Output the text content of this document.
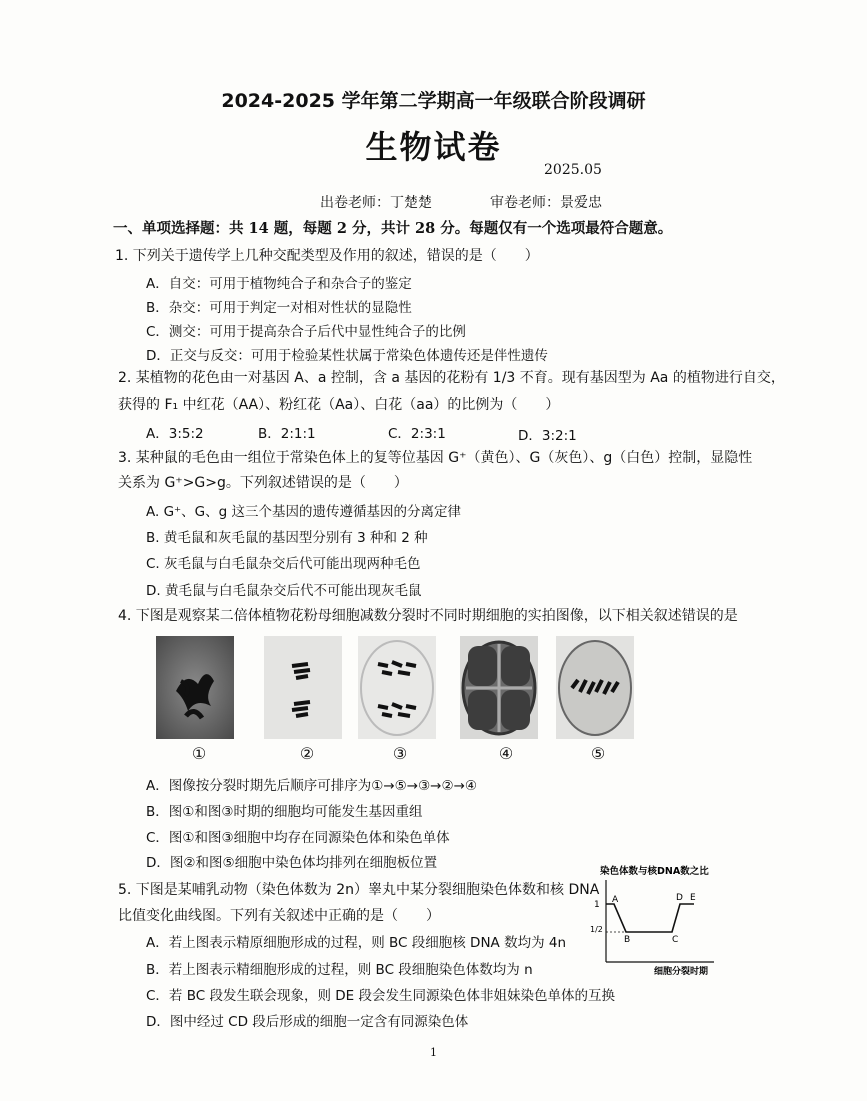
2024-2025 学年第二学期高一年级联合阶段调研
生物试卷
2025.05
出卷老师：丁楚楚	审卷老师：景爱忠
一、单项选择题：共 14 题，每题 2 分，共计 28 分。每题仅有一个选项最符合题意。
1. 下列关于遗传学上几种交配类型及作用的叙述，错误的是（　　）
A．自交：可用于植物纯合子和杂合子的鉴定
B．杂交：可用于判定一对相对性状的显隐性
C．测交：可用于提高杂合子后代中显性纯合子的比例
D．正交与反交：可用于检验某性状属于常染色体遗传还是伴性遗传
2. 某植物的花色由一对基因 A、a 控制，含 a 基因的花粉有 1/3 不育。现有基因型为 Aa 的植物进行自交，
获得的 F₁ 中红花（AA）、粉红花（Aa）、白花（aa）的比例为（　　）
A．3:5:2	B．2:1:1	C．2:3:1	D．3:2:1
3. 某种鼠的毛色由一组位于常染色体上的复等位基因 G⁺（黄色）、G（灰色）、g（白色）控制，显隐性
关系为 G⁺>G>g。下列叙述错误的是（　　）
A. G⁺、G、g 这三个基因的遗传遵循基因的分离定律
B. 黄毛鼠和灰毛鼠的基因型分别有 3 种和 2 种
C. 灰毛鼠与白毛鼠杂交后代可能出现两种毛色
D. 黄毛鼠与白毛鼠杂交后代不可能出现灰毛鼠
4. 下图是观察某二倍体植物花粉母细胞减数分裂时不同时期细胞的实拍图像，以下相关叙述错误的是
①	②	③	④	⑤
A．图像按分裂时期先后顺序可排序为①→⑤→③→②→④
B．图①和图③时期的细胞均可能发生基因重组
C．图①和图③细胞中均存在同源染色体和染色单体
D．图②和图⑤细胞中染色体均排列在细胞板位置
5. 下图是某哺乳动物（染色体数为 2n）睾丸中某分裂细胞染色体数和核 DNA
比值变化曲线图。下列有关叙述中正确的是（　　）
A．若上图表示精原细胞形成的过程，则 BC 段细胞核 DNA 数均为 4n
B．若上图表示精细胞形成的过程，则 BC 段细胞染色体数均为 n
C．若 BC 段发生联会现象，则 DE 段会发生同源染色体非姐妹染色单体的互换
D．图中经过 CD 段后形成的细胞一定含有同源染色体
染色体数与核DNA数之比
1
1/2
A
B	C
D E
细胞分裂时期
1
